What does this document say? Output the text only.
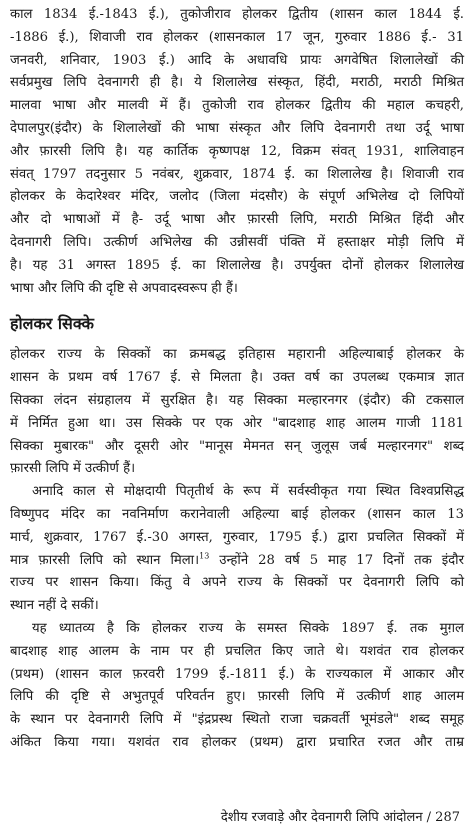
काल 1834 ई.-1843 ई.), तुकोजीराव होलकर द्वितीय (शासन काल 1844 ई.

-1886 ई.), शिवाजी राव होलकर (शासनकाल 17 जून, गुरुवार 1886 ई.- 31

जनवरी, शनिवार, 1903 ई.) आदि के अधावधि प्रायः अगवेषित शिलालेखों की

सर्वप्रमुख लिपि देवनागरी ही है। ये शिलालेख संस्कृत, हिंदी, मराठी, मराठी मिश्रित

मालवा भाषा और मालवी में हैं। तुकोजी राव होलकर द्वितीय की महाल कचहरी,

देपालपुर(इंदौर) के शिलालेखों की भाषा संस्कृत और लिपि देवनागरी तथा उर्दू भाषा

और फ़ारसी लिपि है। यह कार्तिक कृष्णपक्ष 12, विक्रम संवत् 1931, शालिवाहन

संवत् 1797 तदनुसार 5 नवंबर, शुक्रवार, 1874 ई. का शिलालेख है। शिवाजी राव

होलकर के केदारेश्वर मंदिर, जलोद (जिला मंदसौर) के संपूर्ण अभिलेख दो लिपियों

और दो भाषाओं में है- उर्दू भाषा और फ़ारसी लिपि, मराठी मिश्रित हिंदी और

देवनागरी लिपि। उत्कीर्ण अभिलेख की उन्नीसवीं पंक्ति में हस्ताक्षर मोड़ी लिपि में

है। यह 31 अगस्त 1895 ई. का शिलालेख है। उपर्युक्त दोनों होलकर शिलालेख

भाषा और लिपि की दृष्टि से अपवादस्वरूप ही हैं।

होलकर सिक्के

होलकर राज्य के सिक्कों का क्रमबद्ध इतिहास महारानी अहिल्याबाई होलकर के

शासन के प्रथम वर्ष 1767 ई. से मिलता है। उक्त वर्ष का उपलब्ध एकमात्र ज्ञात

सिक्का लंदन संग्रहालय में सुरक्षित है। यह सिक्का मल्हारनगर (इंदौर) की टकसाल

में निर्मित हुआ था। उस सिक्के पर एक ओर "बादशाह शाह आलम गाजी 1181

सिक्का मुबारक" और दूसरी ओर "मानूस मेमनत सन् जुलूस जर्ब मल्हारनगर" शब्द

फ़ारसी लिपि में उत्कीर्ण हैं।

अनादि काल से मोक्षदायी पितृतीर्थ के रूप में सर्वस्वीकृत गया स्थित विश्वप्रसिद्ध

विष्णुपद मंदिर का नवनिर्माण करानेवाली अहिल्या बाई होलकर (शासन काल 13

मार्च, शुक्रवार, 1767 ई.-30 अगस्त, गुरुवार, 1795 ई.) द्वारा प्रचलित सिक्कों में

मात्र फ़ारसी लिपि को स्थान मिला।$^{13}$ उन्होंने 28 वर्ष 5 माह 17 दिनों तक इंदौर

राज्य पर शासन किया। किंतु वे अपने राज्य के सिक्कों पर देवनागरी लिपि को

स्थान नहीं दे सकीं।

यह ध्यातव्य है कि होलकर राज्य के समस्त सिक्के 1897 ई. तक मुग़ल

बादशाह शाह आलम के नाम पर ही प्रचलित किए जाते थे। यशवंत राव होलकर

(प्रथम) (शासन काल फ़रवरी 1799 ई.-1811 ई.) के राज्यकाल में आकार और

लिपि की दृष्टि से अभुतपूर्व परिवर्तन हुए। फ़ारसी लिपि में उत्कीर्ण शाह आलम

के स्थान पर देवनागरी लिपि में "इंद्रप्रस्थ स्थितो राजा चक्रवर्ती भूमंडले" शब्द समूह

अंकित किया गया। यशवंत राव होलकर (प्रथम) द्वारा प्रचारित रजत और ताम्र

देशीय रजवाड़े और देवनागरी लिपि आंदोलन / 287
